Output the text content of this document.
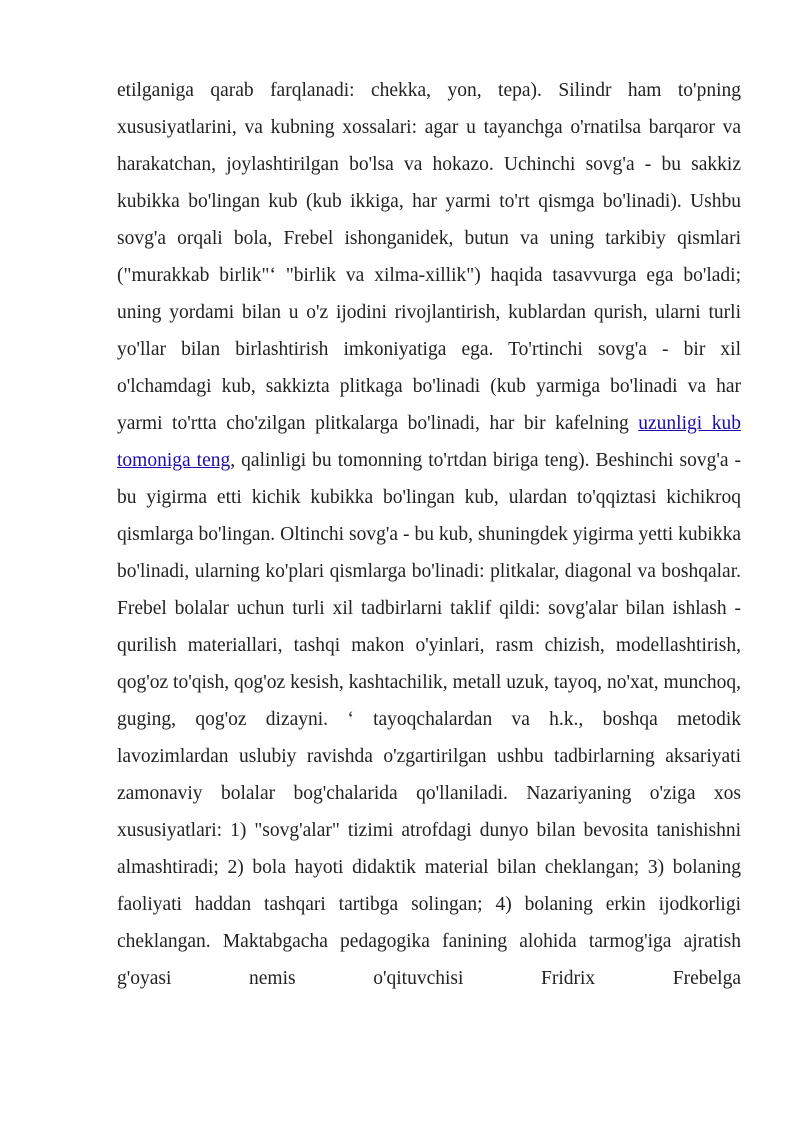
etilganiga qarab farqlanadi: chekka, yon, tepa). Silindr ham to'pning xususiyatlarini, va kubning xossalari: agar u tayanchga o'rnatilsa barqaror va harakatchan, joylashtirilgan bo'lsa va hokazo. Uchinchi sovg'a - bu sakkiz kubikka bo'lingan kub (kub ikkiga, har yarmi to'rt qismga bo'linadi). Ushbu sovg'a orqali bola, Frebel ishonganidek, butun va uning tarkibiy qismlari ("murakkab birlik"‘ "birlik va xilma-xillik") haqida tasavvurga ega bo'ladi; uning yordami bilan u o'z ijodini rivojlantirish, kublardan qurish, ularni turli yo'llar bilan birlashtirish imkoniyatiga ega. To'rtinchi sovg'a - bir xil o'lchamdagi kub, sakkizta plitkaga bo'linadi (kub yarmiga bo'linadi va har yarmi to'rtta cho'zilgan plitkalarga bo'linadi, har bir kafelning uzunligi kub tomoniga teng, qalinligi bu tomonning to'rtdan biriga teng). Beshinchi sovg'a - bu yigirma etti kichik kubikka bo'lingan kub, ulardan to'qqiztasi kichikroq qismlarga bo'lingan. Oltinchi sovg'a - bu kub, shuningdek yigirma yetti kubikka bo'linadi, ularning ko'plari qismlarga bo'linadi: plitkalar, diagonal va boshqalar. Frebel bolalar uchun turli xil tadbirlarni taklif qildi: sovg'alar bilan ishlash - qurilish materiallari, tashqi makon o'yinlari, rasm chizish, modellashtirish, qog'oz to'qish, qog'oz kesish, kashtachilik, metall uzuk, tayoq, no'xat, munchoq, guging, qog'oz dizayni. ‘ tayoqchalardan va h.k., boshqa metodik lavozimlardan uslubiy ravishda o'zgartirilgan ushbu tadbirlarning aksariyati zamonaviy bolalar bog'chalarida qo'llaniladi. Nazariyaning o'ziga xos xususiyatlari: 1) "sovg'alar" tizimi atrofdagi dunyo bilan bevosita tanishishni almashtiradi; 2) bola hayoti didaktik material bilan cheklangan; 3) bolaning faoliyati haddan tashqari tartibga solingan; 4) bolaning erkin ijodkorligi cheklangan. Maktabgacha pedagogika fanining alohida tarmog'iga ajratish g'oyasi nemis o'qituvchisi Fridrix Frebelga
